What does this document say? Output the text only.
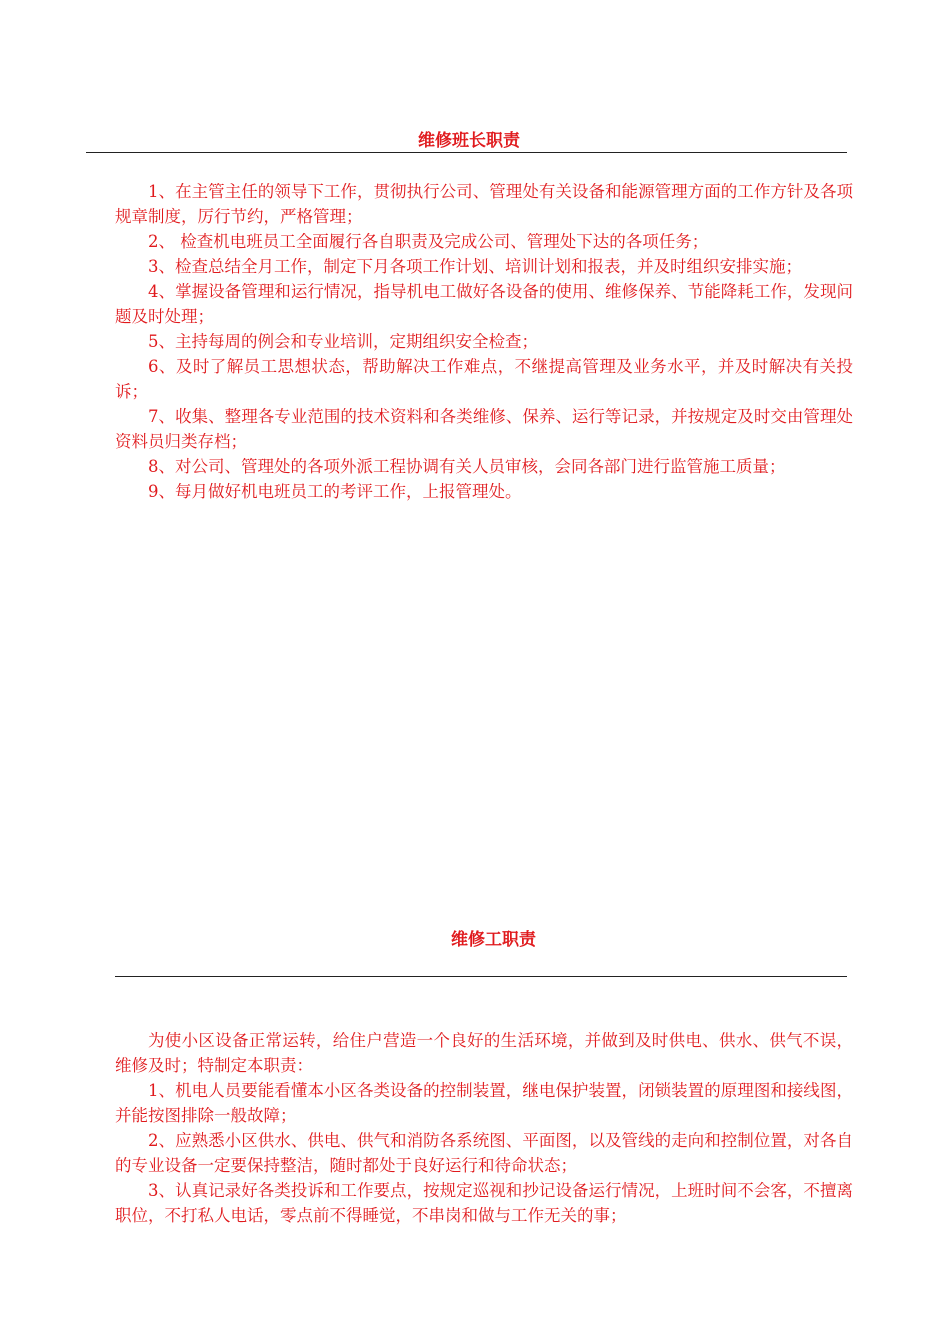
维修班长职责

1、在主管主任的领导下工作，贯彻执行公司、管理处有关设备和能源管理方面的工作方针及各项规章制度，厉行节约，严格管理；

2、 检查机电班员工全面履行各自职责及完成公司、管理处下达的各项任务；

3、检查总结全月工作，制定下月各项工作计划、培训计划和报表，并及时组织安排实施；

4、掌握设备管理和运行情况，指导机电工做好各设备的使用、维修保养、节能降耗工作，发现问题及时处理；

5、主持每周的例会和专业培训，定期组织安全检查；

6、及时了解员工思想状态，帮助解决工作难点，不继提高管理及业务水平，并及时解决有关投诉；

7、收集、整理各专业范围的技术资料和各类维修、保养、运行等记录，并按规定及时交由管理处资料员归类存档；

8、对公司、管理处的各项外派工程协调有关人员审核，会同各部门进行监管施工质量；

9、每月做好机电班员工的考评工作，上报管理处。

维修工职责

为使小区设备正常运转，给住户营造一个良好的生活环境，并做到及时供电、供水、供气不误，维修及时；特制定本职责：

1、机电人员要能看懂本小区各类设备的控制装置，继电保护装置，闭锁装置的原理图和接线图，并能按图排除一般故障；

2、应熟悉小区供水、供电、供气和消防各系统图、平面图，以及管线的走向和控制位置，对各自的专业设备一定要保持整洁，随时都处于良好运行和待命状态；

3、认真记录好各类投诉和工作要点，按规定巡视和抄记设备运行情况，上班时间不会客，不擅离职位，不打私人电话，零点前不得睡觉，不串岗和做与工作无关的事；
